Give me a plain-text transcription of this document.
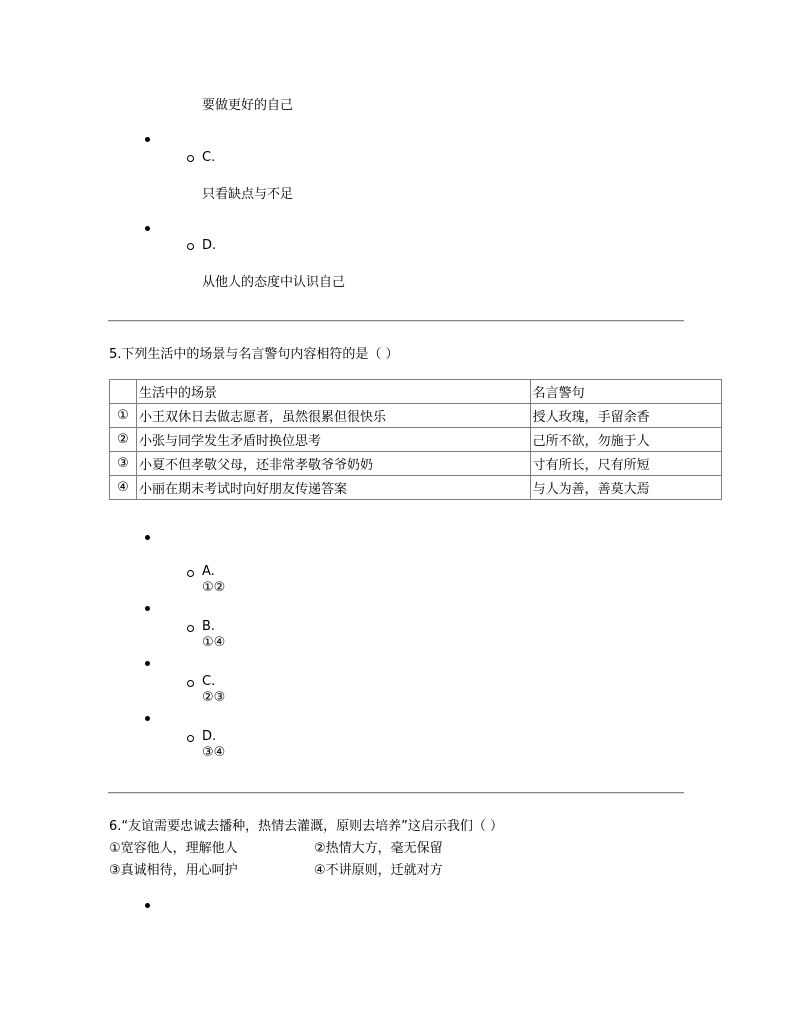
要做更好的自己
C.
只看缺点与不足
D.
从他人的态度中认识自己
5.下列生活中的场景与名言警句内容相符的是（ ）
	生活中的场景	名言警句
①	小王双休日去做志愿者，虽然很累但很快乐	授人玫瑰，手留余香
②	小张与同学发生矛盾时换位思考	己所不欲，勿施于人
③	小夏不但孝敬父母，还非常孝敬爷爷奶奶	寸有所长，尺有所短
④	小丽在期末考试时向好朋友传递答案	与人为善，善莫大焉
A.
①②
B.
①④
C.
②③
D.
③④
6.“友谊需要忠诚去播种，热情去灌溉，原则去培养”这启示我们（ ）
①宽容他人，理解他人	②热情大方，毫无保留
③真诚相待，用心呵护	④不讲原则，迁就对方
